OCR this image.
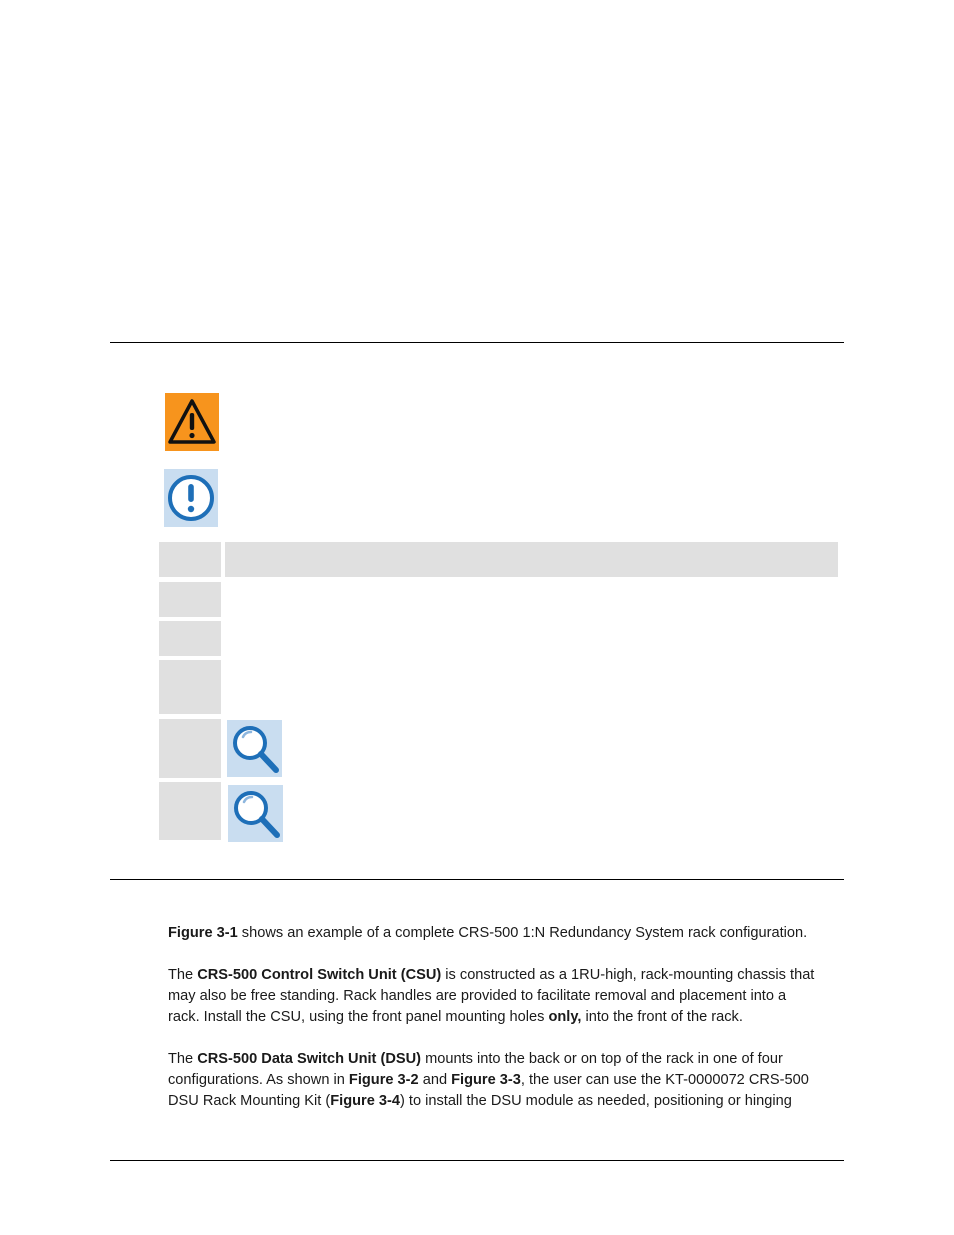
Figure 3-1 shows an example of a complete CRS-500 1:N Redundancy System rack configuration.

The CRS-500 Control Switch Unit (CSU) is constructed as a 1RU-high, rack-mounting chassis that
may also be free standing. Rack handles are provided to facilitate removal and placement into a
rack. Install the CSU, using the front panel mounting holes only, into the front of the rack.

The CRS-500 Data Switch Unit (DSU) mounts into the back or on top of the rack in one of four
configurations. As shown in Figure 3-2 and Figure 3-3, the user can use the KT-0000072 CRS-500
DSU Rack Mounting Kit (Figure 3-4) to install the DSU module as needed, positioning or hinging
